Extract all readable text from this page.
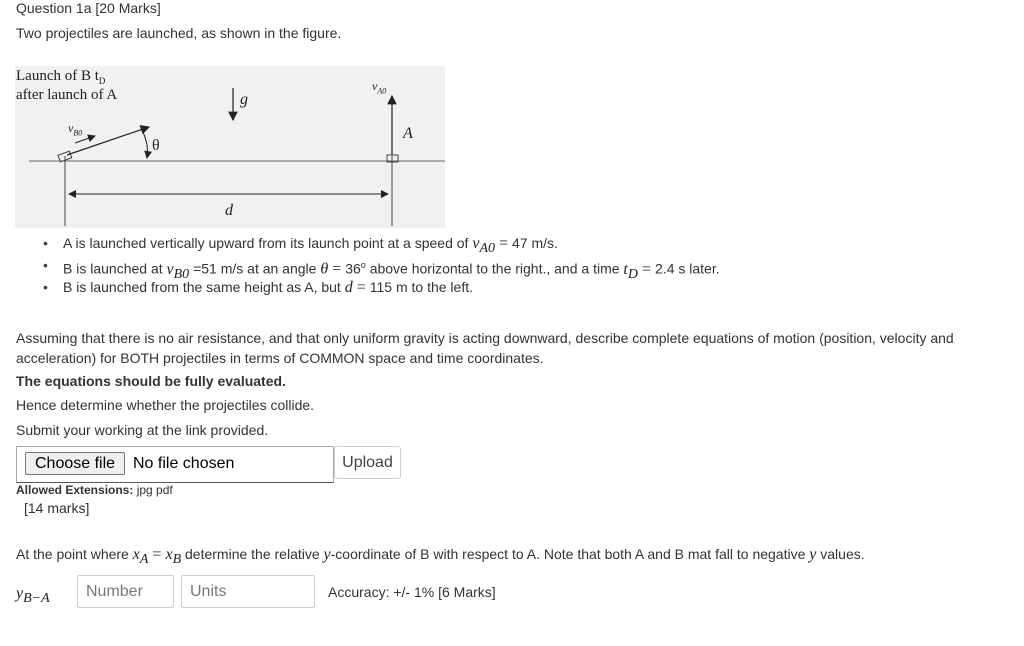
Question 1a [20 Marks]
Two projectiles are launched, as shown in the figure.
Launch of B $t_D$
after launch of A	g
θ
$v_{A0}$
A
$v_{B0}$
d
• A is launched vertically upward from its launch point at a speed of $v_{A0} = 47$ m/s.
• B is launched at $v_{B0} =51$ m/s at an angle $\theta = 36^o$ above horizontal to the right., and a time $t_D = 2.4$ s later.
• B is launched from the same height as A, but d = 115 m to the left.
Assuming that there is no air resistance, and that only uniform gravity is acting downward, describe complete equations of motion (position, velocity and acceleration) for BOTH projectiles in terms of COMMON space and time coordinates.
The equations should be fully evaluated.
Hence determine whether the projectiles collide.
Submit your working at the link provided.
Choose file	No file chosen	Upload
Allowed Extensions: jpg pdf
[14 marks]
At the point where $x_A = x_B$ determine the relative y-coordinate of B with respect to A. Note that both A and B mat fall to negative y values.
$y_{B-A}$
Number
Units	Accuracy: +/- 1% [6 Marks]
